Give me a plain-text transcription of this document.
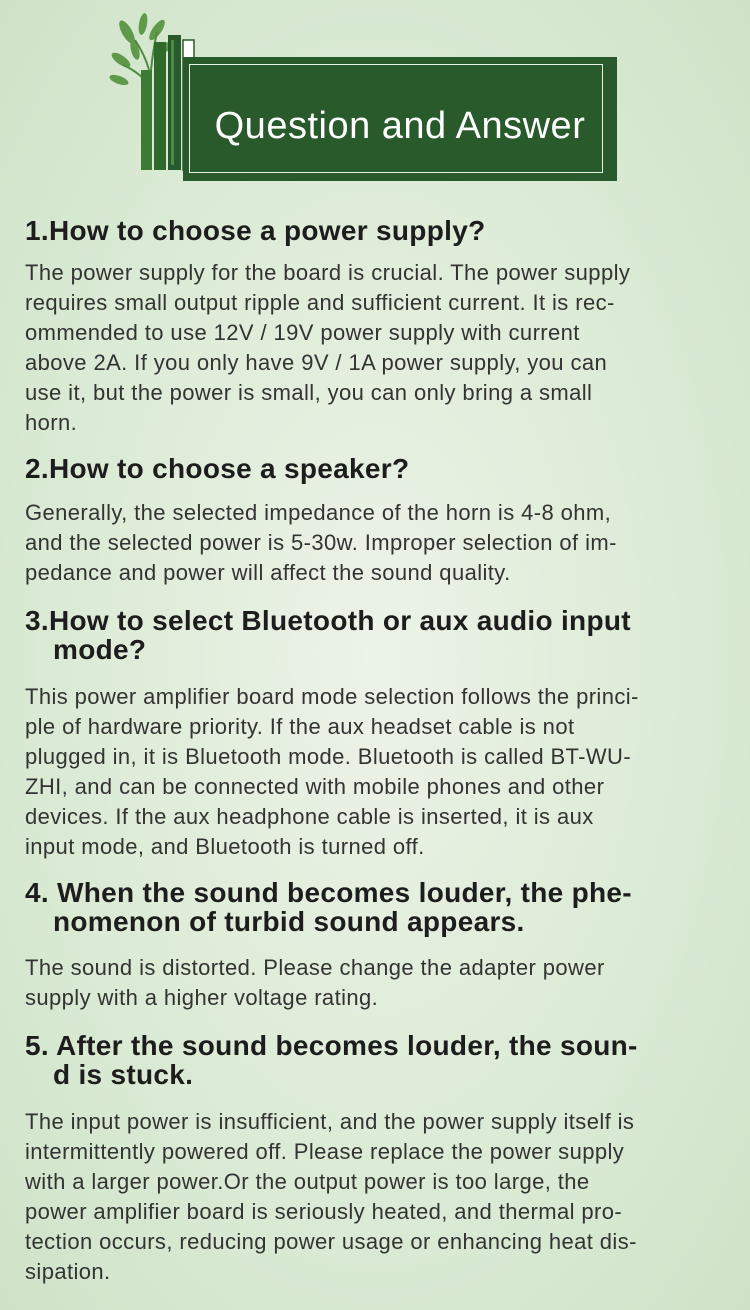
Question and Answer
1.How to choose a power supply?

The power supply for the board is crucial. The power supply
requires small output ripple and sufficient current. It is rec-
ommended to use 12V / 19V power supply with current
above 2A. If you only have 9V / 1A power supply, you can
use it, but the power is small, you can only bring a small
horn.

2.How to choose a speaker?

Generally, the selected impedance of the horn is 4-8 ohm,
and the selected power is 5-30w. Improper selection of im-
pedance and power will affect the sound quality.

3.How to select Bluetooth or aux audio input
mode?

This power amplifier board mode selection follows the princi-
ple of hardware priority. If the aux headset cable is not
plugged in, it is Bluetooth mode. Bluetooth is called BT-WU-
ZHI, and can be connected with mobile phones and other
devices. If the aux headphone cable is inserted, it is aux
input mode, and Bluetooth is turned off.

4. When the sound becomes louder, the phe-
nomenon of turbid sound appears.

The sound is distorted. Please change the adapter power
supply with a higher voltage rating.

5. After the sound becomes louder, the soun-
d is stuck.

The input power is insufficient, and the power supply itself is
intermittently powered off. Please replace the power supply
with a larger power.Or the output power is too large, the
power amplifier board is seriously heated, and thermal pro-
tection occurs, reducing power usage or enhancing heat dis-
sipation.
